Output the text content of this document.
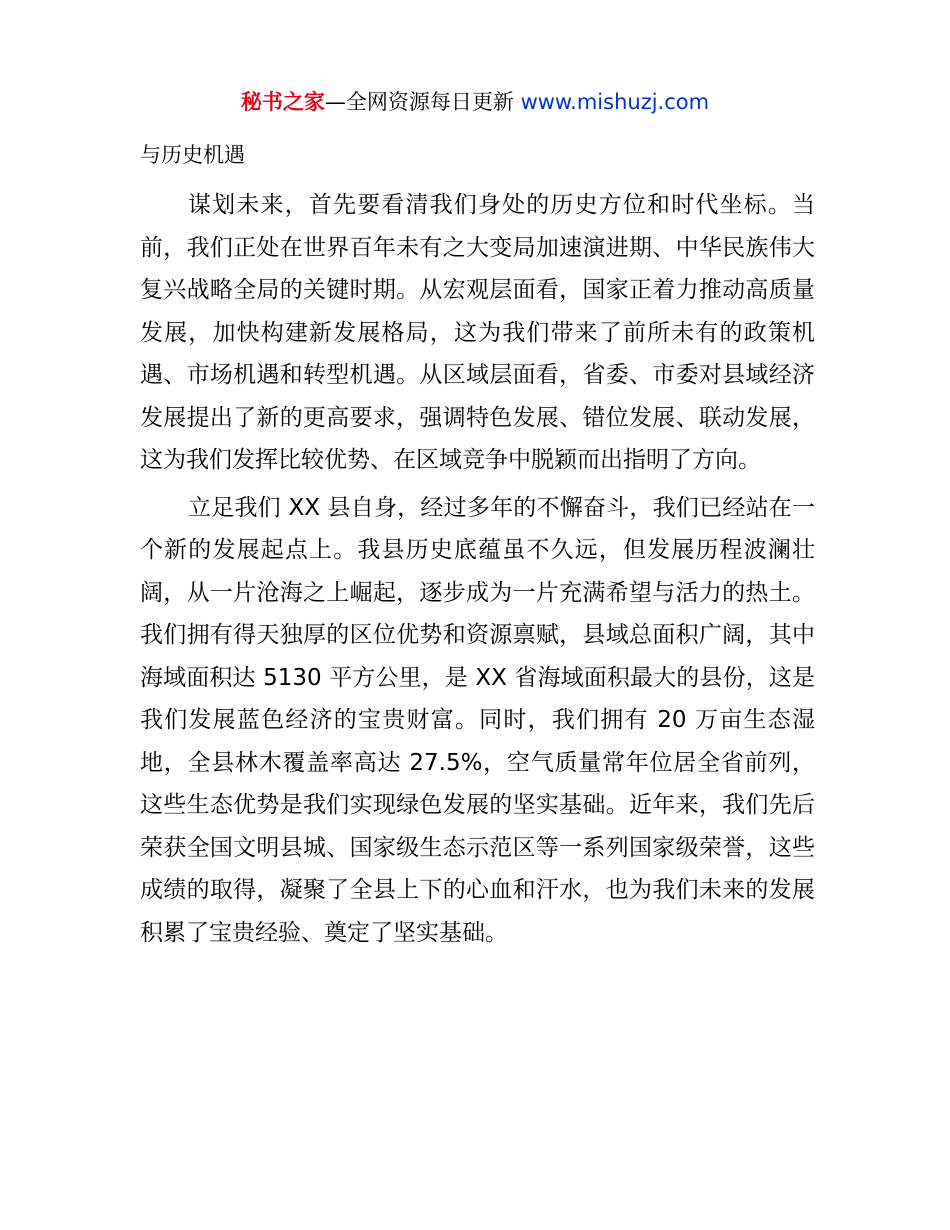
秘书之家—全网资源每日更新 www.mishuzj.com
与历史机遇

谋划未来，首先要看清我们身处的历史方位和时代坐标。当前，我们正处在世界百年未有之大变局加速演进期、中华民族伟大复兴战略全局的关键时期。从宏观层面看，国家正着力推动高质量发展，加快构建新发展格局，这为我们带来了前所未有的政策机遇、市场机遇和转型机遇。从区域层面看，省委、市委对县域经济发展提出了新的更高要求，强调特色发展、错位发展、联动发展，这为我们发挥比较优势、在区域竞争中脱颖而出指明了方向。

立足我们 XX 县自身，经过多年的不懈奋斗，我们已经站在一个新的发展起点上。我县历史底蕴虽不久远，但发展历程波澜壮阔，从一片沧海之上崛起，逐步成为一片充满希望与活力的热土。我们拥有得天独厚的区位优势和资源禀赋，县域总面积广阔，其中海域面积达 5130 平方公里，是 XX 省海域面积最大的县份，这是我们发展蓝色经济的宝贵财富。同时，我们拥有 20 万亩生态湿地，全县林木覆盖率高达 27.5%，空气质量常年位居全省前列，这些生态优势是我们实现绿色发展的坚实基础。近年来，我们先后荣获全国文明县城、国家级生态示范区等一系列国家级荣誉，这些成绩的取得，凝聚了全县上下的心血和汗水，也为我们未来的发展积累了宝贵经验、奠定了坚实基础。
